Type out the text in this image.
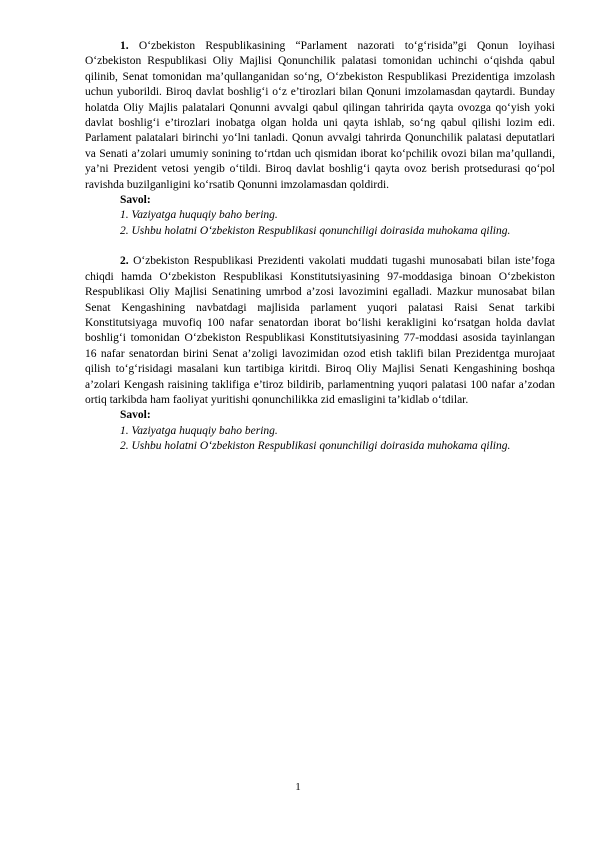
1. O‘zbekiston Respublikasining “Parlament nazorati to‘g‘risida”gi Qonun loyihasi O‘zbekiston Respublikasi Oliy Majlisi Qonunchilik palatasi tomonidan uchinchi o‘qishda qabul qilinib, Senat tomonidan ma’qullanganidan so‘ng, O‘zbekiston Respublikasi Prezidentiga imzolash uchun yuborildi. Biroq davlat boshlig‘i o‘z e’tirozlari bilan Qonuni imzolamasdan qaytardi. Bunday holatda Oliy Majlis palatalari Qonunni avvalgi qabul qilingan tahririda qayta ovozga qo‘yish yoki davlat boshlig‘i e’tirozlari inobatga olgan holda uni qayta ishlab, so‘ng qabul qilishi lozim edi. Parlament palatalari birinchi yo‘lni tanladi. Qonun avvalgi tahrirda Qonunchilik palatasi deputatlari va Senati a’zolari umumiy sonining to‘rtdan uch qismidan iborat ko‘pchilik ovozi bilan ma’qullandi, ya’ni Prezident vetosi yengib o‘tildi. Biroq davlat boshlig‘i qayta ovoz berish protsedurasi qo‘pol ravishda buzilganligini ko‘rsatib Qonunni imzolamasdan qoldirdi.

Savol:

1. Vaziyatga huquqiy baho bering.

2. Ushbu holatni O‘zbekiston Respublikasi qonunchiligi doirasida muhokama qiling.

2. O‘zbekiston Respublikasi Prezidenti vakolati muddati tugashi munosabati bilan iste’foga chiqdi hamda O‘zbekiston Respublikasi Konstitutsiyasining 97-moddasiga binoan O‘zbekiston Respublikasi Oliy Majlisi Senatining umrbod a’zosi lavozimini egalladi. Mazkur munosabat bilan Senat Kengashining navbatdagi majlisida parlament yuqori palatasi Raisi Senat tarkibi Konstitutsiyaga muvofiq 100 nafar senatordan iborat bo‘lishi kerakligini ko‘rsatgan holda davlat boshlig‘i tomonidan O‘zbekiston Respublikasi Konstitutsiyasining 77-moddasi asosida tayinlangan 16 nafar senatordan birini Senat a’zoligi lavozimidan ozod etish taklifi bilan Prezidentga murojaat qilish to‘g‘risidagi masalani kun tartibiga kiritdi. Biroq Oliy Majlisi Senati Kengashining boshqa a’zolari Kengash raisining taklifiga e’tiroz bildirib, parlamentning yuqori palatasi 100 nafar a’zodan ortiq tarkibda ham faoliyat yuritishi qonunchilikka zid emasligini ta’kidlab o‘tdilar.

Savol:

1. Vaziyatga huquqiy baho bering.

2. Ushbu holatni O‘zbekiston Respublikasi qonunchiligi doirasida muhokama qiling.

1
